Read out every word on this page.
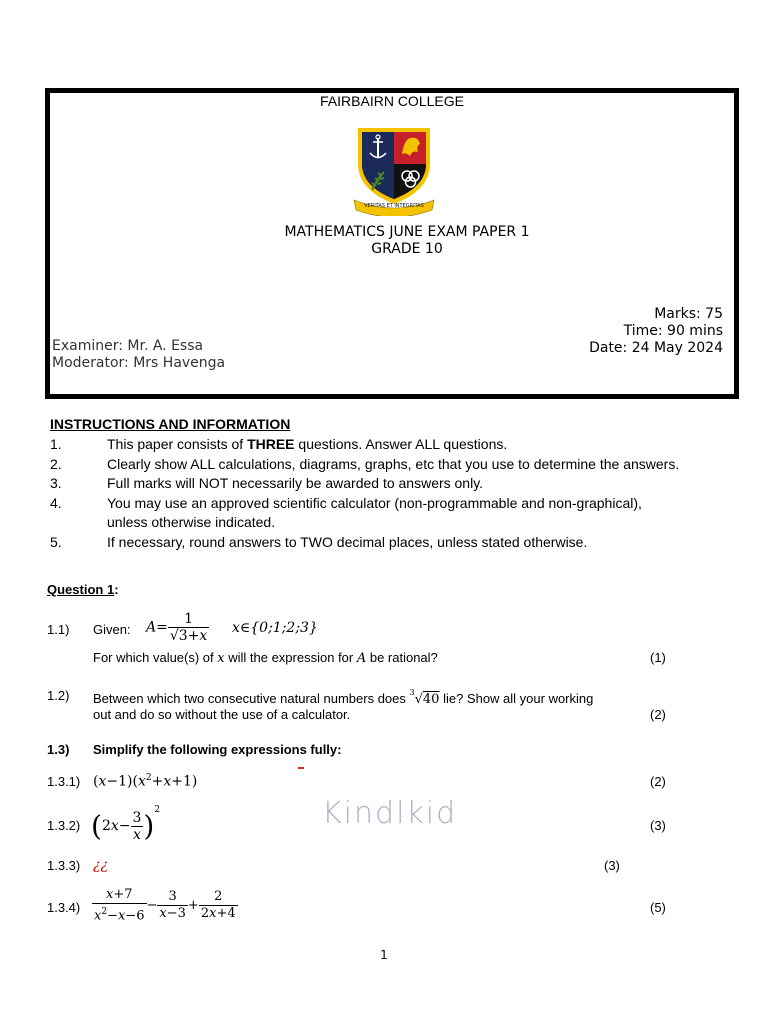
FAIRBAIRN COLLEGE
VERITAS ET INTEGRITAS
MATHEMATICS JUNE EXAM PAPER 1
GRADE 10
Marks: 75
Time: 90 mins
Date: 24 May 2024
Examiner: Mr. A. Essa
Moderator: Mrs Havenga
INSTRUCTIONS AND INFORMATION
1.	This paper consists of THREE questions. Answer ALL questions.
2.	Clearly show ALL calculations, diagrams, graphs, etc that you use to determine the answers.
3.	Full marks will NOT necessarily be awarded to answers only.
4.	You may use an approved scientific calculator (non-programmable and non-graphical),
unless otherwise indicated.
5.	If necessary, round answers to TWO decimal places, unless stated otherwise.
Question 1:
1.1) Given: $A= \frac{1}{√3+x}$ x∈{0;1;2;3}
For which value(s) of x will the expression for A be rational?	(1)
1.2) Between which two consecutive natural numbers does $^3$√40 lie? Show all your working
out and do so without the use of a calculator.	(2)
1.3) Simplify the following expressions fully:
1.3.1) $(x-1)(x^2+x+1)$	(2)
1.3.2) $(2x- \frac{3}{x} )^2$	Kindlkid	(3)
1.3.3) ¿¿	(3)
$1.3.4) \frac{x+7}{x^2-x-6} - \frac{3}{x-3} + \frac{2}{2x+4}$	(5)
1
